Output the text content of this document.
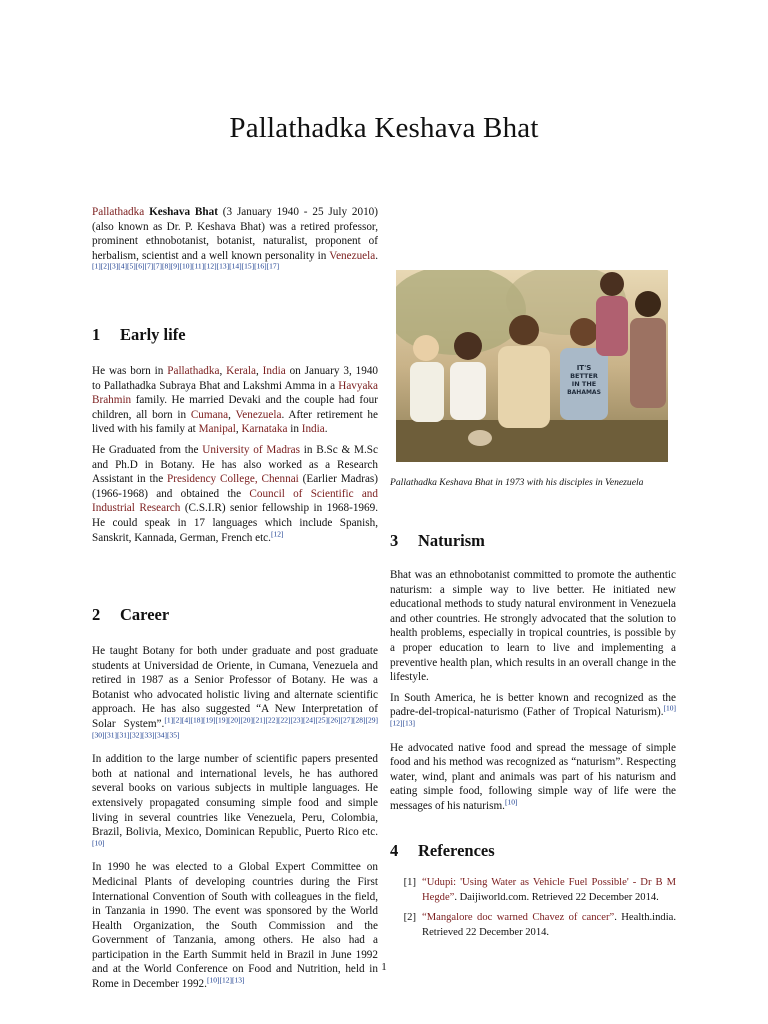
Pallathadka Keshava Bhat

Pallathadka Keshava Bhat (3 January 1940 - 25 July 2010) (also known as Dr. P. Keshava Bhat) was a retired professor, prominent ethnobotanist, botanist, naturalist, proponent of herbalism, scientist and a well known personality in Venezuela.[1][2][3][4][5][6][7][7][8][9][10][11][12][13][14][15][16][17]

1 Early life

He was born in Pallathadka, Kerala, India on January 3, 1940 to Pallathadka Subraya Bhat and Lakshmi Amma in a Havyaka Brahmin family. He married Devaki and the couple had four children, all born in Cumana, Venezuela. After retirement he lived with his family at Manipal, Karnataka in India.

He Graduated from the University of Madras in B.Sc & M.Sc and Ph.D in Botany. He has also worked as a Research Assistant in the Presidency College, Chennai (Earlier Madras) (1966-1968) and obtained the Council of Scientific and Industrial Research (C.S.I.R) senior fellowship in 1968-1969. He could speak in 17 languages which include Spanish, Sanskrit, Kannada, German, French etc.[12]

2 Career

He taught Botany for both under graduate and post graduate students at Universidad de Oriente, in Cumana, Venezuela and retired in 1987 as a Senior Professor of Botany. He was a Botanist who advocated holistic living and alternate scientific approach. He has also suggested “A New Interpretation of Solar System”.[1][2][4][18][19][19][20][20][21][22][22][23][24][25][26][27][28][29][30][31][31][32][33][34][35]

In addition to the large number of scientific papers presented both at national and international levels, he has authored several books on various subjects in multiple languages. He extensively propagated consuming simple food and simple living in several countries like Venezuela, Peru, Colombia, Brazil, Bolivia, Mexico, Dominican Republic, Puerto Rico etc.[10]

In 1990 he was elected to a Global Expert Committee on Medicinal Plants of developing countries during the First International Convention of South with colleagues in the field, in Tanzania in 1990. The event was sponsored by the World Health Organization, the South Commission and the Government of Tanzania, among others. He also had a participation in the Earth Summit held in Brazil in June 1992 and at the World Conference on Food and Nutrition, held in Rome in December 1992.[10][12][13]

IT'S
BETTER
IN THE
BAHAMAS
Pallathadka Keshava Bhat in 1973 with his disciples in Venezuela
3 Naturism

Bhat was an ethnobotanist committed to promote the authentic naturism: a simple way to live better. He initiated new educational methods to study natural environment in Venezuela and other countries. He strongly advocated that the solution to health problems, especially in tropical countries, is possible by a proper education to learn to live and implementing a preventive health plan, which results in an overall change in the lifestyle.

In South America, he is better known and recognized as the padre-del-tropical-naturismo (Father of Tropical Naturism).[10][12][13]

He advocated native food and spread the message of simple food and his method was recognized as “naturism”. Respecting water, wind, plant and animals was part of his naturism and eating simple food, following simple way of life were the messages of his naturism.[10]

4 References
[1] “Udupi: 'Using Water as Vehicle Fuel Possible' - Dr B M Hegde”. Daijiworld.com. Retrieved 22 December 2014.
[2] “Mangalore doc warned Chavez of cancer”. Health.india. Retrieved 22 December 2014.
1
